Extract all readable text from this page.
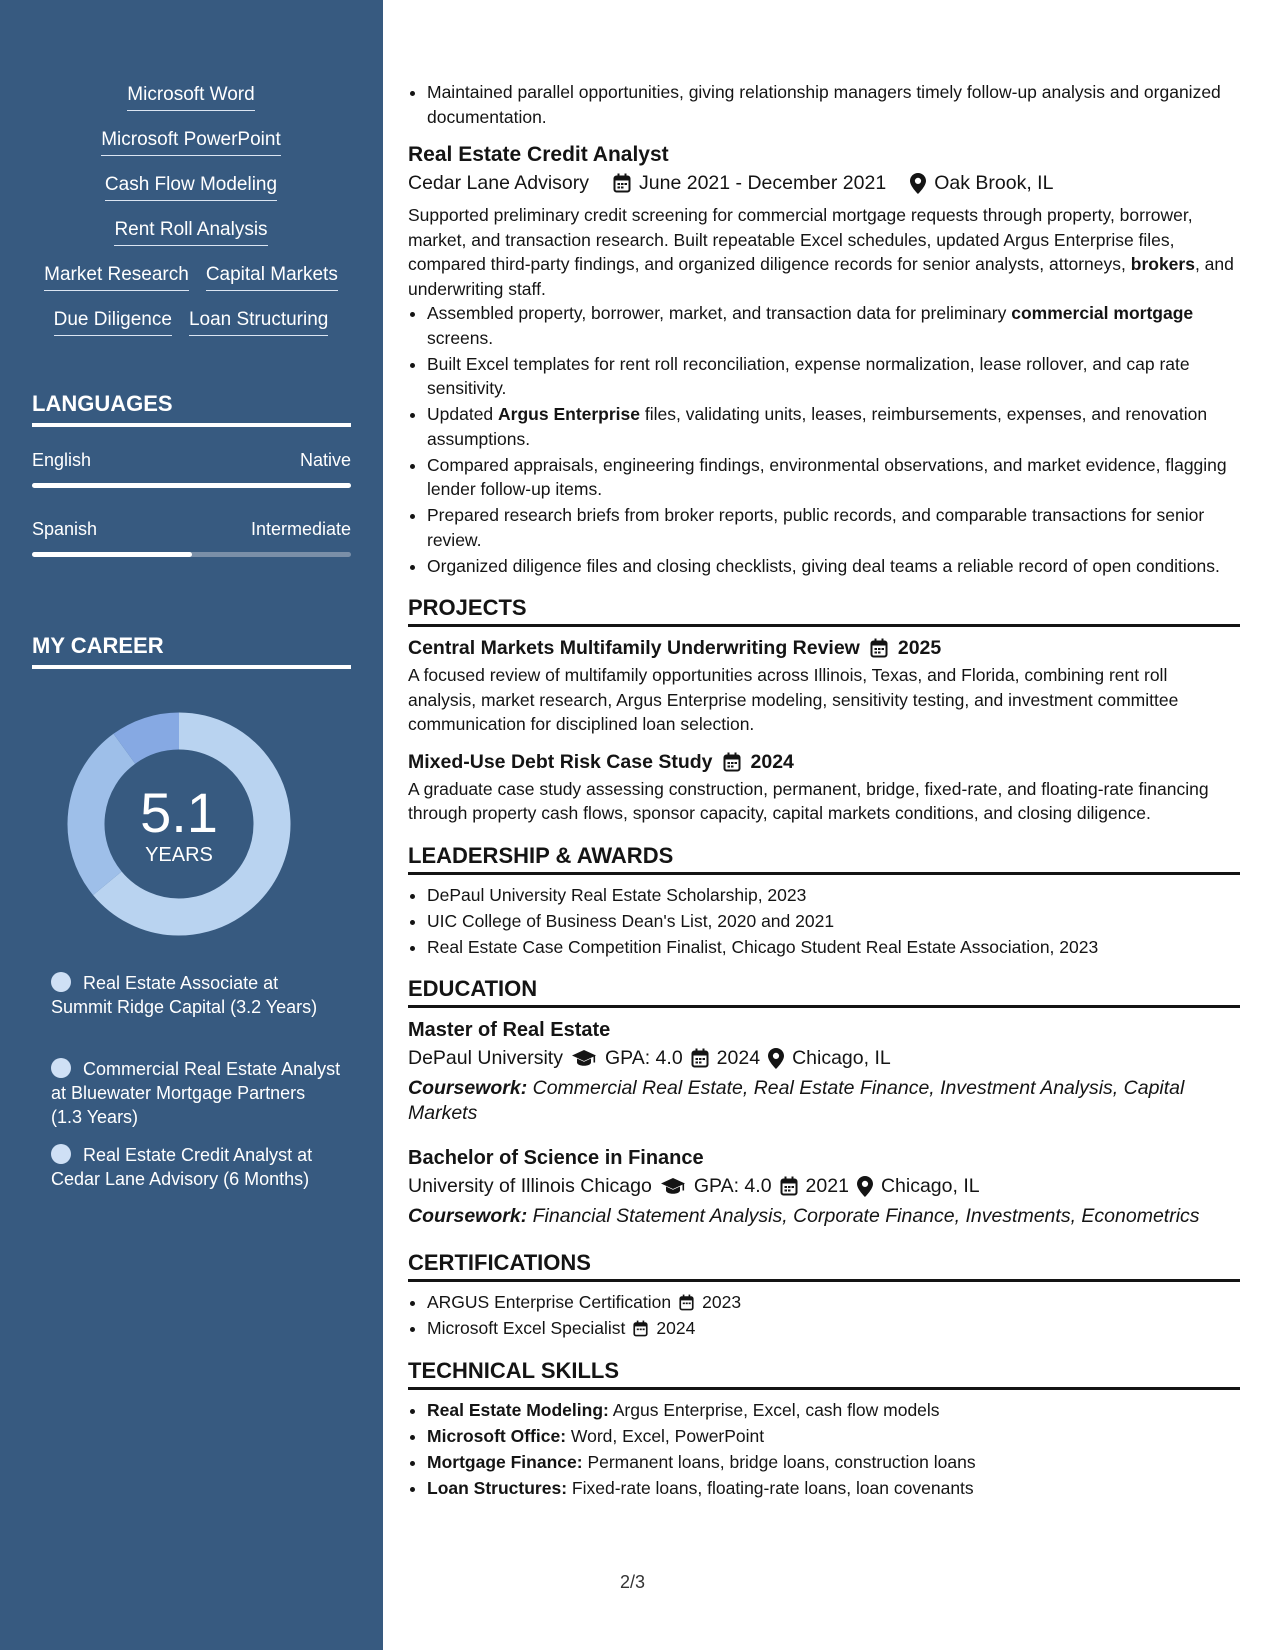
Microsoft Word
Microsoft PowerPoint
Cash Flow Modeling
Rent Roll Analysis
Market Research Capital Markets
Due Diligence Loan Structuring
LANGUAGES
English	Native
Spanish	Intermediate
MY CAREER
5.1
YEARS
Real Estate Associate at Summit Ridge Capital (3.2 Years)
Commercial Real Estate Analyst at Bluewater Mortgage Partners (1.3 Years)
Real Estate Credit Analyst at Cedar Lane Advisory (6 Months)
• Maintained parallel opportunities, giving relationship managers timely follow-up analysis and organized documentation.
Real Estate Credit Analyst
Cedar Lane Advisory	June 2021 - December 2021 Oak Brook, IL
Supported preliminary credit screening for commercial mortgage requests through property, borrower, market, and transaction research. Built repeatable Excel schedules, updated Argus Enterprise files, compared third-party findings, and organized diligence records for senior analysts, attorneys, brokers, and underwriting staff.
• Assembled property, borrower, market, and transaction data for preliminary commercial mortgage screens.
• Built Excel templates for rent roll reconciliation, expense normalization, lease rollover, and cap rate sensitivity.
• Updated Argus Enterprise files, validating units, leases, reimbursements, expenses, and renovation assumptions.
• Compared appraisals, engineering findings, environmental observations, and market evidence, flagging lender follow-up items.
• Prepared research briefs from broker reports, public records, and comparable transactions for senior review.
• Organized diligence files and closing checklists, giving deal teams a reliable record of open conditions.
PROJECTS
Central Markets Multifamily Underwriting Review 2025
A focused review of multifamily opportunities across Illinois, Texas, and Florida, combining rent roll analysis, market research, Argus Enterprise modeling, sensitivity testing, and investment committee communication for disciplined loan selection.
Mixed-Use Debt Risk Case Study 2024
A graduate case study assessing construction, permanent, bridge, fixed-rate, and floating-rate financing through property cash flows, sponsor capacity, capital markets conditions, and closing diligence.
LEADERSHIP & AWARDS
• DePaul University Real Estate Scholarship, 2023
• UIC College of Business Dean's List, 2020 and 2021
• Real Estate Case Competition Finalist, Chicago Student Real Estate Association, 2023
EDUCATION
Master of Real Estate
DePaul University GPA: 4.0 2024 Chicago, IL
Coursework: Commercial Real Estate, Real Estate Finance, Investment Analysis, Capital Markets
Bachelor of Science in Finance
University of Illinois Chicago GPA: 4.0 2021 Chicago, IL
Coursework: Financial Statement Analysis, Corporate Finance, Investments, Econometrics
CERTIFICATIONS
• ARGUS Enterprise Certification 2023
• Microsoft Excel Specialist 2024
TECHNICAL SKILLS
• Real Estate Modeling: Argus Enterprise, Excel, cash flow models
• Microsoft Office: Word, Excel, PowerPoint
• Mortgage Finance: Permanent loans, bridge loans, construction loans
• Loan Structures: Fixed-rate loans, floating-rate loans, loan covenants
2/3
